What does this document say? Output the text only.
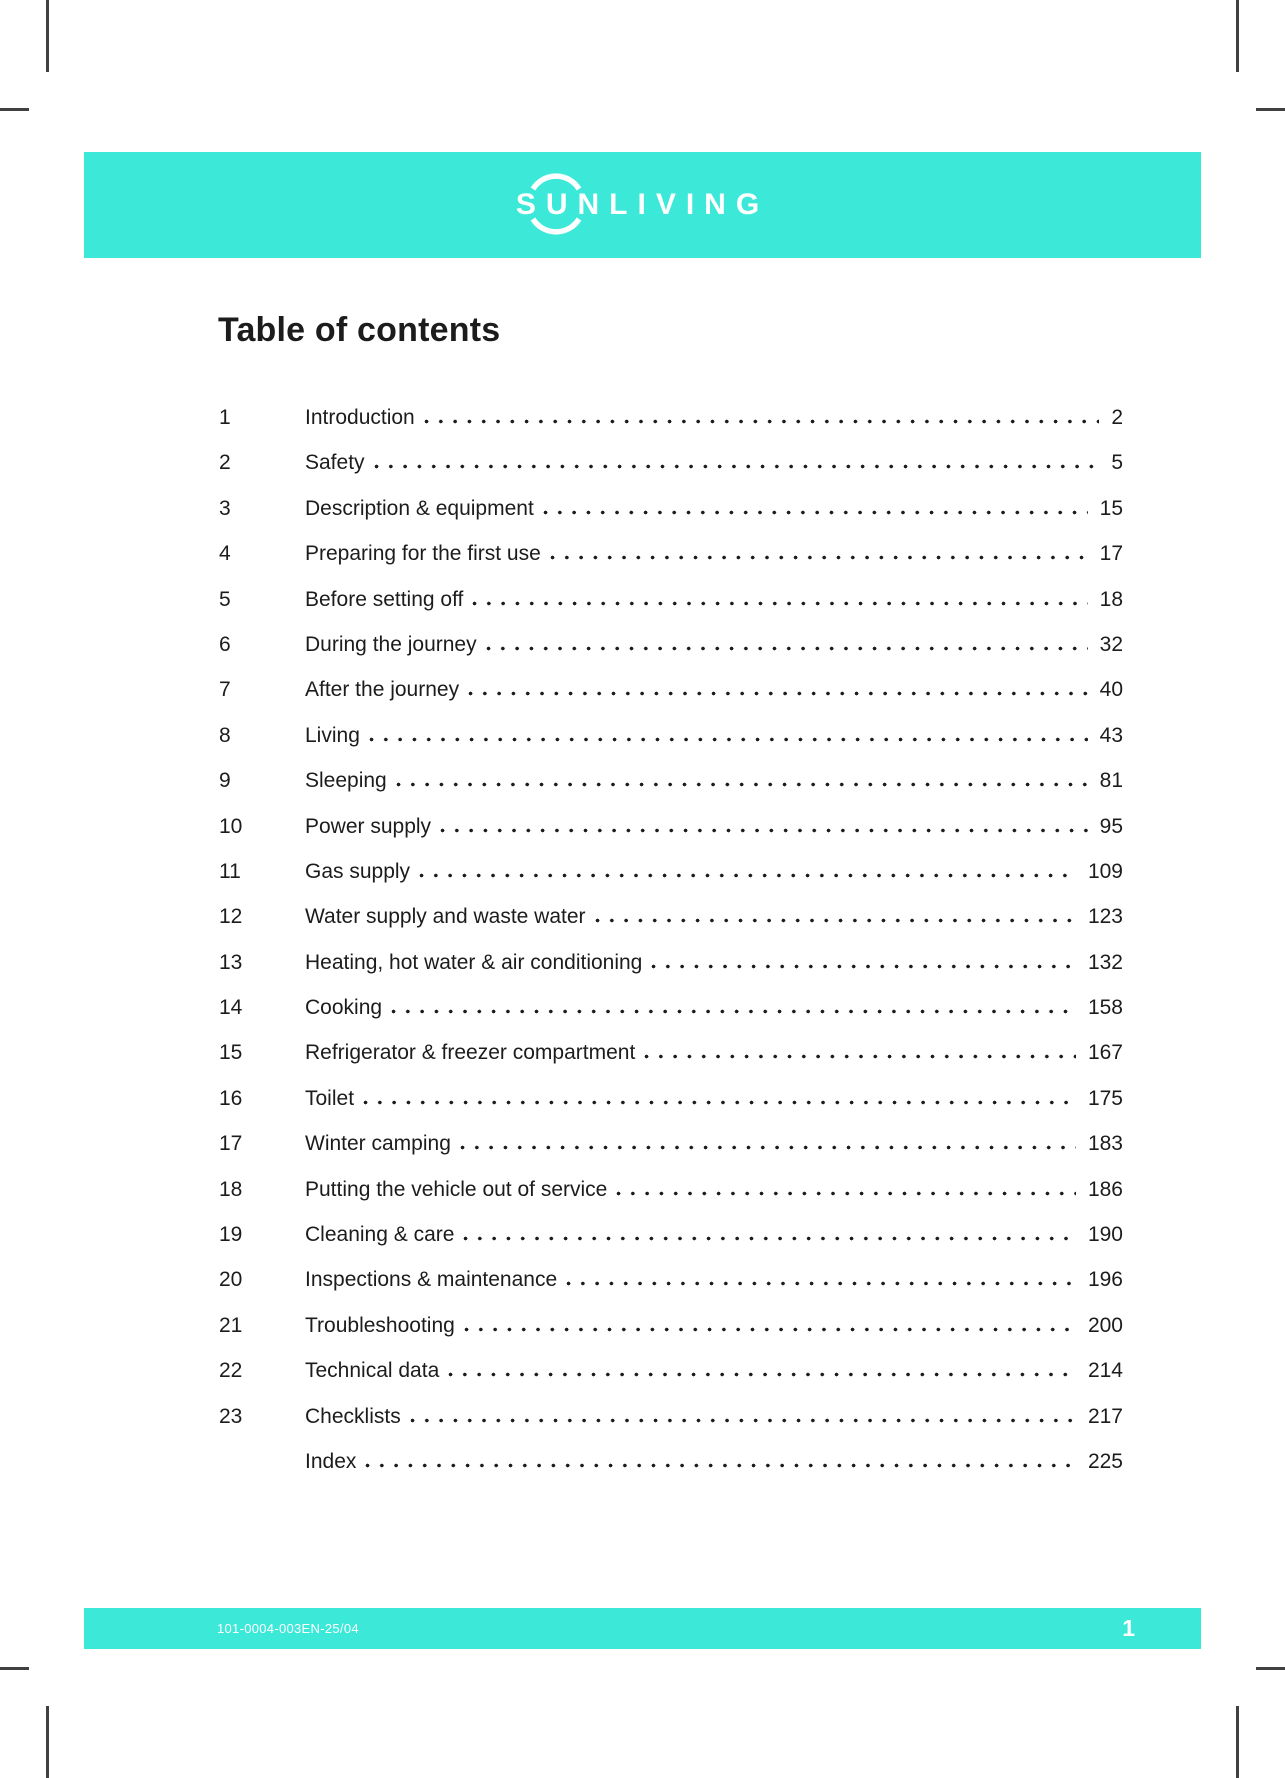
SUNLIVING
Table of contents
1	Introduction	2
2	Safety	5
3	Description & equipment	15
4	Preparing for the first use	17
5	Before setting off	18
6	During the journey	32
7	After the journey	40
8	Living	43
9	Sleeping	81
10	Power supply	95
11	Gas supply	109
12	Water supply and waste water	123
13	Heating, hot water & air conditioning	132
14	Cooking	158
15	Refrigerator & freezer compartment	167
16	Toilet	175
17	Winter camping	183
18	Putting the vehicle out of service	186
19	Cleaning & care	190
20	Inspections & maintenance	196
21	Troubleshooting	200
22	Technical data	214
23	Checklists	217
Index	225
101-0004-003EN-25/04	1
